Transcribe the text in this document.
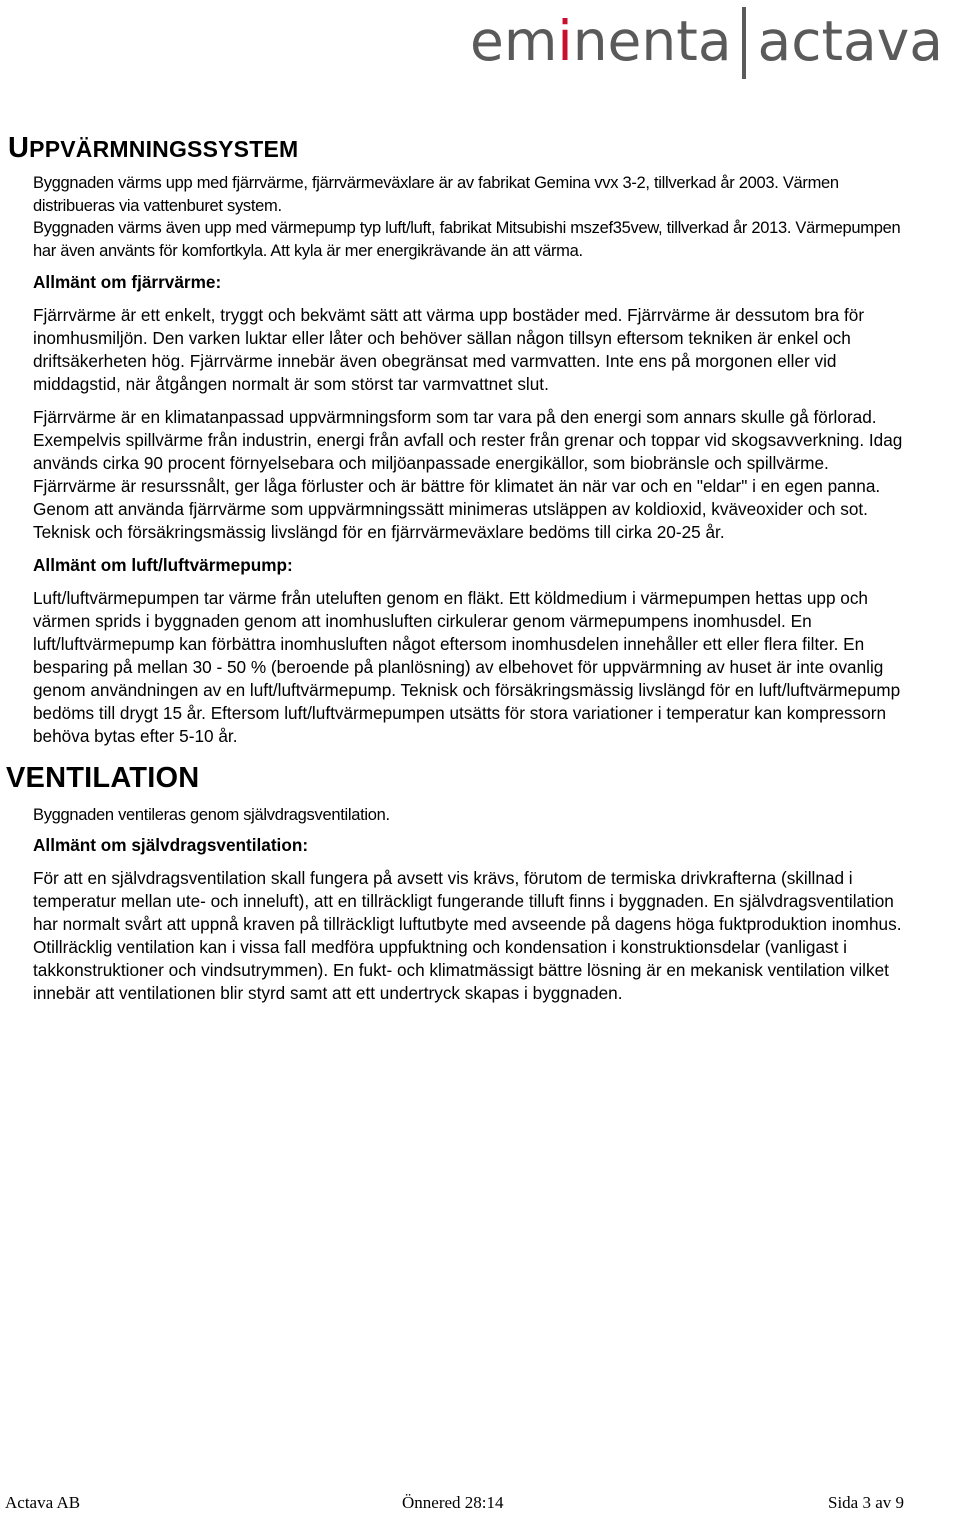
eminenta actava
UPPVÄRMNINGSSYSTEM

Byggnaden värms upp med fjärrvärme, fjärrvärmeväxlare är av fabrikat Gemina vvx 3-2, tillverkad år 2003. Värmen distribueras via vattenburet system.

Byggnaden värms även upp med värmepump typ luft/luft, fabrikat Mitsubishi mszef35vew, tillverkad år 2013. Värmepumpen har även använts för komfortkyla. Att kyla är mer energikrävande än att värma.

Allmänt om fjärrvärme:

Fjärrvärme är ett enkelt, tryggt och bekvämt sätt att värma upp bostäder med. Fjärrvärme är dessutom bra för inomhusmiljön. Den varken luktar eller låter och behöver sällan någon tillsyn eftersom tekniken är enkel och driftsäkerheten hög. Fjärrvärme innebär även obegränsat med varmvatten. Inte ens på morgonen eller vid middagstid, när åtgången normalt är som störst tar varmvattnet slut.

Fjärrvärme är en klimatanpassad uppvärmningsform som tar vara på den energi som annars skulle gå förlorad. Exempelvis spillvärme från industrin, energi från avfall och rester från grenar och toppar vid skogsavverkning. Idag används cirka 90 procent förnyelsebara och miljöanpassade energikällor, som biobränsle och spillvärme. Fjärrvärme är resurssnålt, ger låga förluster och är bättre för klimatet än när var och en "eldar" i en egen panna. Genom att använda fjärrvärme som uppvärmningssätt minimeras utsläppen av koldioxid, kväveoxider och sot. Teknisk och försäkringsmässig livslängd för en fjärrvärmeväxlare bedöms till cirka 20-25 år.

Allmänt om luft/luftvärmepump:

Luft/luftvärmepumpen tar värme från uteluften genom en fläkt. Ett köldmedium i värmepumpen hettas upp och värmen sprids i byggnaden genom att inomhusluften cirkulerar genom värmepumpens inomhusdel. En luft/luftvärmepump kan förbättra inomhusluften något eftersom inomhusdelen innehåller ett eller flera filter. En besparing på mellan 30 - 50 % (beroende på planlösning) av elbehovet för uppvärmning av huset är inte ovanlig genom användningen av en luft/luftvärmepump. Teknisk och försäkringsmässig livslängd för en luft/luftvärmepump bedöms till drygt 15 år. Eftersom luft/luftvärmepumpen utsätts för stora variationer i temperatur kan kompressorn behöva bytas efter 5-10 år.

VENTILATION

Byggnaden ventileras genom självdragsventilation.

Allmänt om självdragsventilation:

För att en självdragsventilation skall fungera på avsett vis krävs, förutom de termiska drivkrafterna (skillnad i temperatur mellan ute- och inneluft), att en tillräckligt fungerande tilluft finns i byggnaden. En självdragsventilation har normalt svårt att uppnå kraven på tillräckligt luftutbyte med avseende på dagens höga fuktproduktion inomhus. Otillräcklig ventilation kan i vissa fall medföra uppfuktning och kondensation i konstruktionsdelar (vanligast i takkonstruktioner och vindsutrymmen). En fukt- och klimatmässigt bättre lösning är en mekanisk ventilation vilket innebär att ventilationen blir styrd samt att ett undertryck skapas i byggnaden.

Actava AB	Önnered 28:14	Sida 3 av 9
